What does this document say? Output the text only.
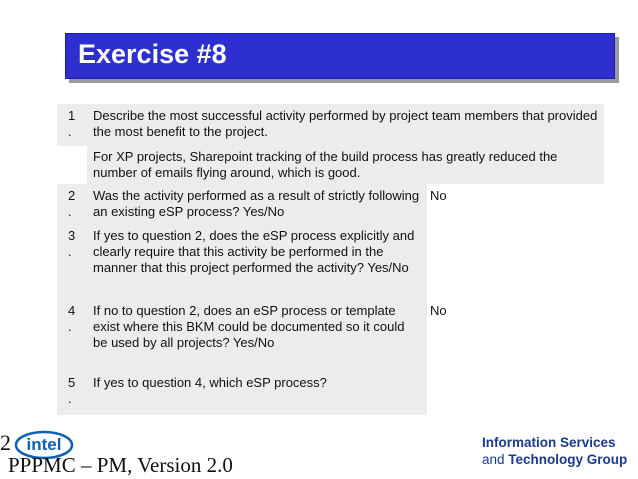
Exercise #8
1
.
Describe the most successful activity performed by project team members that provided the most benefit to the project.
For XP projects, Sharepoint tracking of the build process has greatly reduced the number of emails flying around, which is good.
2
.
Was the activity performed as a result of strictly following an existing eSP process? Yes/No
No
3
.
If yes to question 2, does the eSP process explicitly and clearly require that this activity be performed in the manner that this project performed the activity? Yes/No
4
.
If no to question 2, does an eSP process or template exist where this BKM could be documented so it could be used by all projects? Yes/No
No
5
.
If yes to question 4, which eSP process?
2 intel
PPPMC – PM, Version 2.0
Information Services
and Technology Group
